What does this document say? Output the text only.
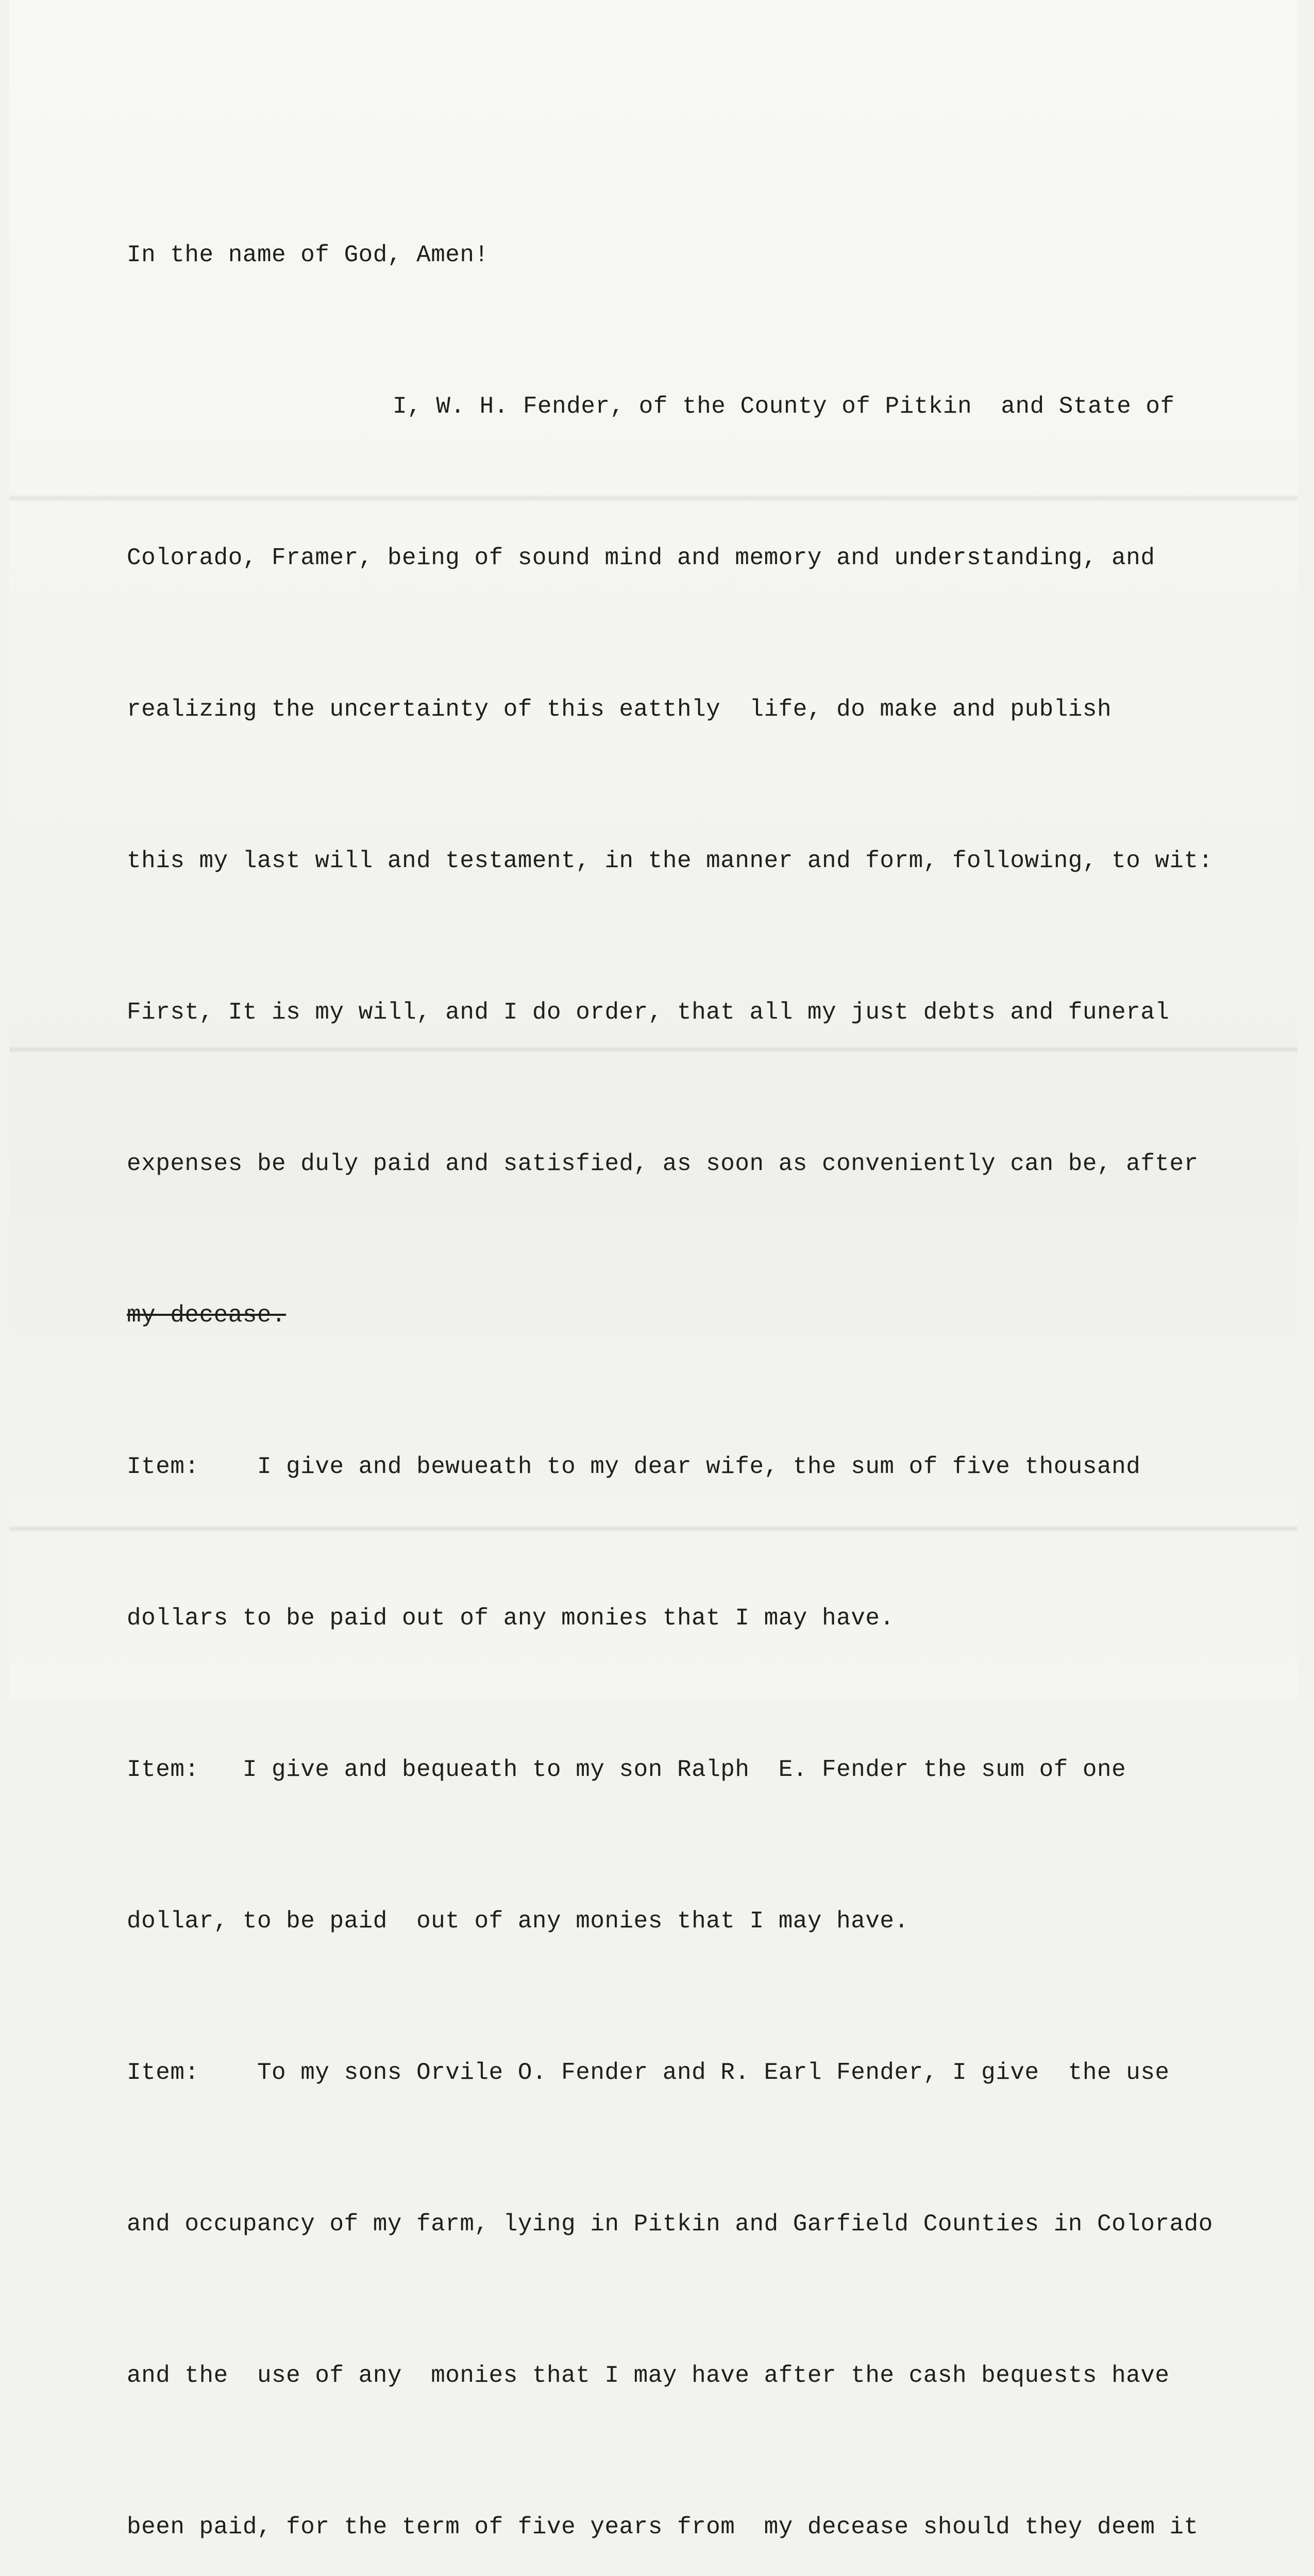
In the name of God, Amen!

I, W. H. Fender, of the County of Pitkin  and State of

Colorado, Framer, being of sound mind and memory and understanding, and

realizing the uncertainty of this eatthly  life, do make and publish

this my last will and testament, in the manner and form, following, to wit:

First, It is my will, and I do order, that all my just debts and funeral

expenses be duly paid and satisfied, as soon as conveniently can be, after

my decease.

Item:    I give and bewueath to my dear wife, the sum of five thousand

dollars to be paid out of any monies that I may have.

Item:   I give and bequeath to my son Ralph  E. Fender the sum of one

dollar, to be paid  out of any monies that I may have.

Item:    To my sons Orvile O. Fender and R. Earl Fender, I give  the use

and occupancy of my farm, lying in Pitkin and Garfield Counties in Colorado

and the  use of any  monies that I may have after the cash bequests have

been paid, for the term of five years from  my decease should they deem it
